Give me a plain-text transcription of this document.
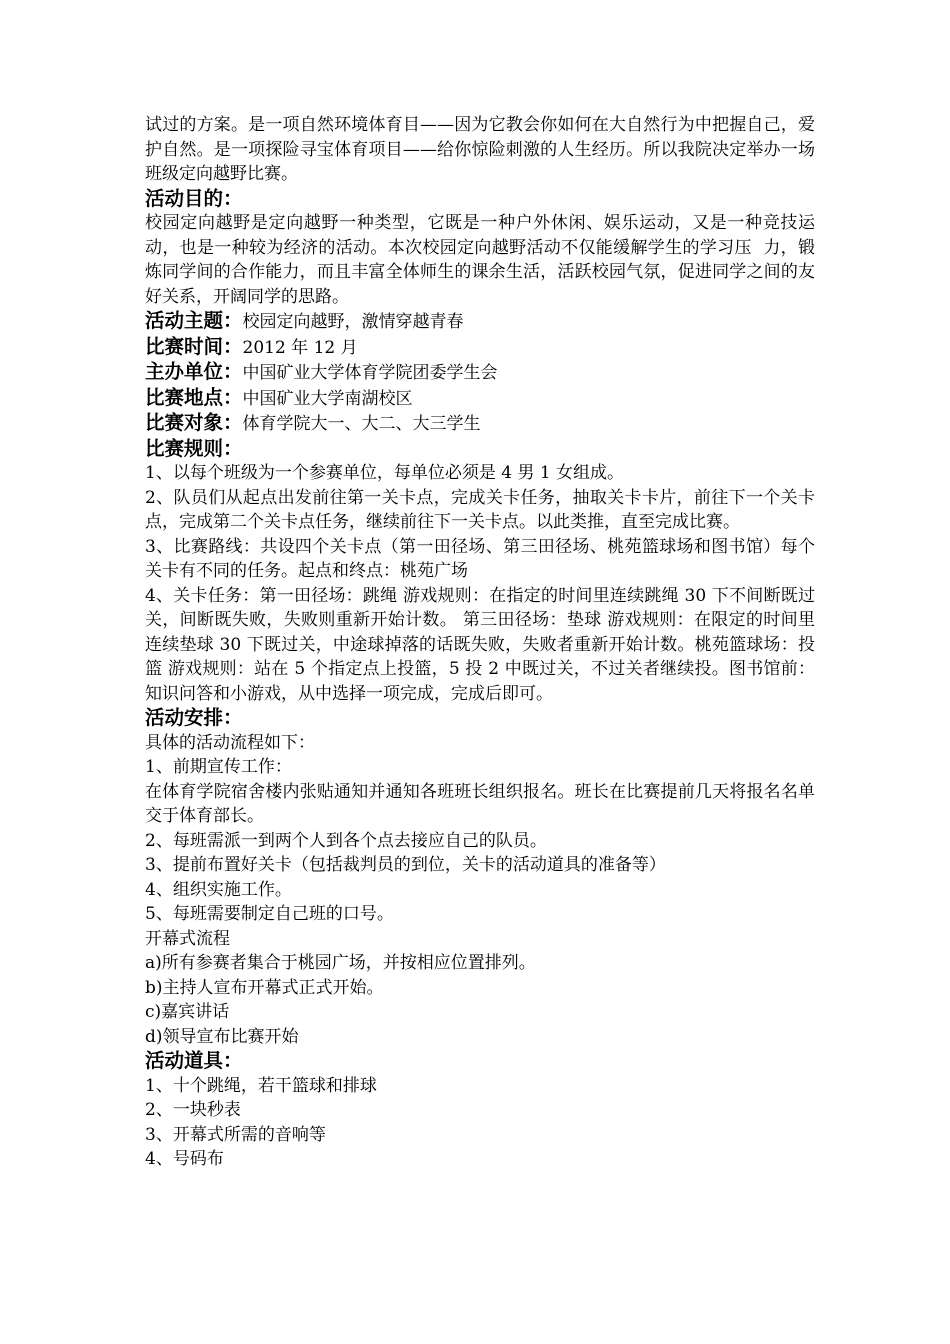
试过的方案。是一项自然环境体育目——因为它教会你如何在大自然行为中把握自己，爱护自然。是一项探险寻宝体育项目——给你惊险刺激的人生经历。所以我院决定举办一场班级定向越野比赛。

活动目的：

校园定向越野是定向越野一种类型，它既是一种户外休闲、娱乐运动，又是一种竞技运动，也是一种较为经济的活动。本次校园定向越野活动不仅能缓解学生的学习压  力，锻炼同学间的合作能力，而且丰富全体师生的课余生活，活跃校园气氛，促进同学之间的友好关系，开阔同学的思路。

活动主题：校园定向越野，激情穿越青春

比赛时间：2012 年 12 月

主办单位：中国矿业大学体育学院团委学生会

比赛地点：中国矿业大学南湖校区

比赛对象：体育学院大一、大二、大三学生

比赛规则：

1、以每个班级为一个参赛单位，每单位必须是 4 男 1 女组成。

2、队员们从起点出发前往第一关卡点，完成关卡任务，抽取关卡卡片，前往下一个关卡点，完成第二个关卡点任务，继续前往下一关卡点。以此类推，直至完成比赛。

3、比赛路线：共设四个关卡点（第一田径场、第三田径场、桃苑篮球场和图书馆）每个关卡有不同的任务。起点和终点：桃苑广场

4、关卡任务：第一田径场：跳绳 游戏规则：在指定的时间里连续跳绳 30 下不间断既过关，间断既失败，失败则重新开始计数。 第三田径场：垫球 游戏规则：在限定的时间里连续垫球 30 下既过关，中途球掉落的话既失败，失败者重新开始计数。桃苑篮球场：投篮 游戏规则：站在 5 个指定点上投篮，5 投 2 中既过关，不过关者继续投。图书馆前：知识问答和小游戏，从中选择一项完成，完成后即可。

活动安排：

具体的活动流程如下：

1、前期宣传工作：

在体育学院宿舍楼内张贴通知并通知各班班长组织报名。班长在比赛提前几天将报名名单交于体育部长。

2、每班需派一到两个人到各个点去接应自己的队员。

3、提前布置好关卡（包括裁判员的到位，关卡的活动道具的准备等）

4、组织实施工作。

5、每班需要制定自己班的口号。

开幕式流程

a)所有参赛者集合于桃园广场，并按相应位置排列。

b)主持人宣布开幕式正式开始。

c)嘉宾讲话

d)领导宣布比赛开始

活动道具：

1、十个跳绳，若干篮球和排球

2、一块秒表

3、开幕式所需的音响等

4、号码布
